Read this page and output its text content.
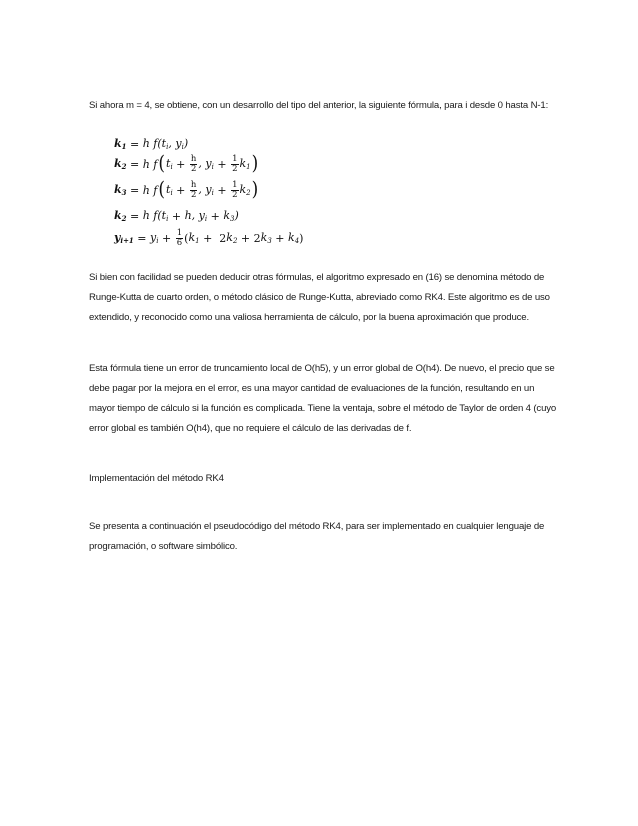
Si ahora m = 4, se obtiene, con un desarrollo del tipo del anterior, la siguiente fórmula, para i desde 0 hasta N-1:

$k_1 = h$ $f(t_i$, $y_i$)
$k_2 = h$ f ( $t_i + \frac{h}{2}$ , $y_i + \frac{1}{2} k_1$ )
$k_3 = h$ f ( $t_i + \frac{h}{2}$ , $y_i + \frac{1}{2} k_2$ )
$k_2 = h$ $f(t_i + h$, $y_i + k_3$)
$y_{i+1} = y_i + \frac{1}{6}$ ( $k_1 + 2$ $k_2 + 2$ $k_3 + k_4$ )

Si bien con facilidad se pueden deducir otras fórmulas, el algoritmo expresado en (16) se denomina método de Runge-Kutta de cuarto orden, o método clásico de Runge-Kutta, abreviado como RK4. Este algoritmo es de uso extendido, y reconocido como una valiosa herramienta de cálculo, por la buena aproximación que produce.

Esta fórmula tiene un error de truncamiento local de O(h5), y un error global de O(h4). De nuevo, el precio que se debe pagar por la mejora en el error, es una mayor cantidad de evaluaciones de la función, resultando en un mayor tiempo de cálculo si la función es complicada. Tiene la ventaja, sobre el método de Taylor de orden 4 (cuyo error global es también O(h4), que no requiere el cálculo de las derivadas de f.

Implementación del método RK4

Se presenta a continuación el pseudocódigo del método RK4, para ser implementado en cualquier lenguaje de programación, o software simbólico.
